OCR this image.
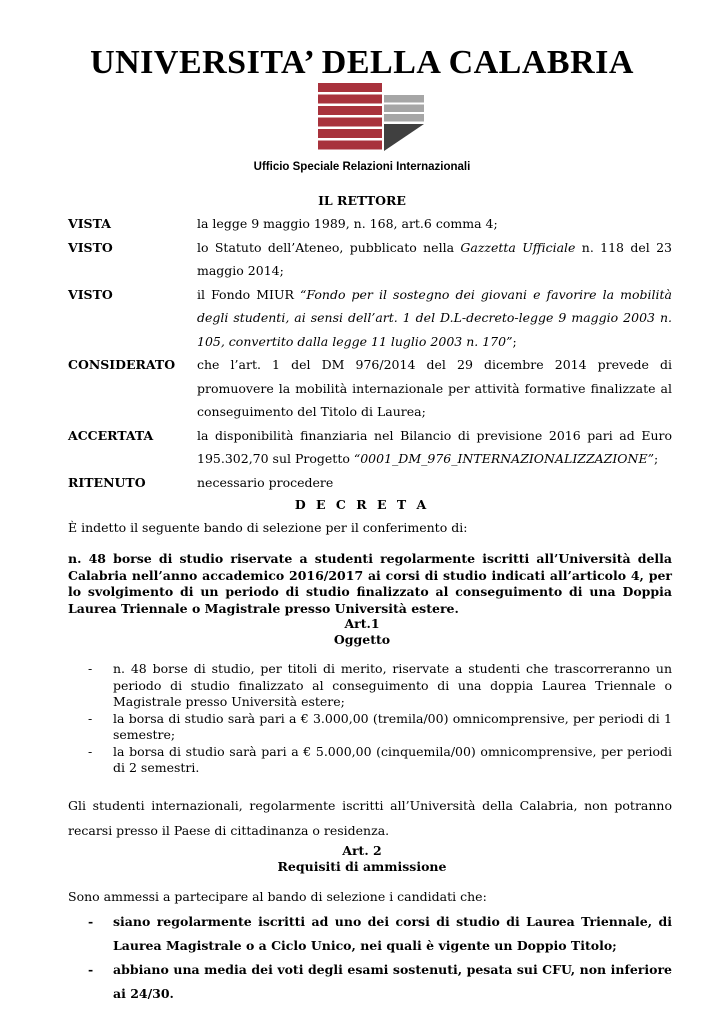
UNIVERSITA’ DELLA CALABRIA
Ufficio Speciale Relazioni Internazionali
IL RETTORE
VISTA	la legge 9 maggio 1989, n. 168, art.6 comma 4;
VISTO	lo Statuto dell’Ateneo, pubblicato nella Gazzetta Ufficiale n. 118 del 23 maggio 2014;
VISTO	il Fondo MIUR “Fondo per il sostegno dei giovani e favorire la mobilità degli studenti, ai sensi dell’art. 1 del D.L-decreto-legge 9 maggio 2003 n. 105, convertito dalla legge 11 luglio 2003 n. 170”;
CONSIDERATO	che l’art. 1 del DM 976/2014 del 29 dicembre 2014 prevede di promuovere la mobilità internazionale per attività formative finalizzate al conseguimento del Titolo di Laurea;
ACCERTATA	la disponibilità finanziaria nel Bilancio di previsione 2016 pari ad Euro 195.302,70 sul Progetto “0001_DM_976_INTERNAZIONALIZZAZIONE”;
RITENUTO	necessario procedere
D E C R E T A
È indetto il seguente bando di selezione per il conferimento di:
n. 48 borse di studio riservate a studenti regolarmente iscritti all’Università della Calabria nell’anno accademico 2016/2017 ai corsi di studio indicati all’articolo 4, per lo svolgimento di un periodo di studio finalizzato al conseguimento di una Doppia Laurea Triennale o Magistrale presso Università estere.
Art.1
Oggetto
- n. 48 borse di studio, per titoli di merito, riservate a studenti che trascorreranno un periodo di studio finalizzato al conseguimento di una doppia Laurea Triennale o Magistrale presso Università estere;
- la borsa di studio sarà pari a € 3.000,00 (tremila/00) omnicomprensive, per periodi di 1 semestre;
- la borsa di studio sarà pari a € 5.000,00 (cinquemila/00) omnicomprensive, per periodi di 2 semestri.
Gli studenti internazionali, regolarmente iscritti all’Università della Calabria, non potranno recarsi presso il Paese di cittadinanza o residenza.
Art. 2
Requisiti di ammissione
Sono ammessi a partecipare al bando di selezione i candidati che:
- siano regolarmente iscritti ad uno dei corsi di studio di Laurea Triennale, di Laurea Magistrale o a Ciclo Unico, nei quali è vigente un Doppio Titolo;
- abbiano una media dei voti degli esami sostenuti, pesata sui CFU, non inferiore ai 24/30.
